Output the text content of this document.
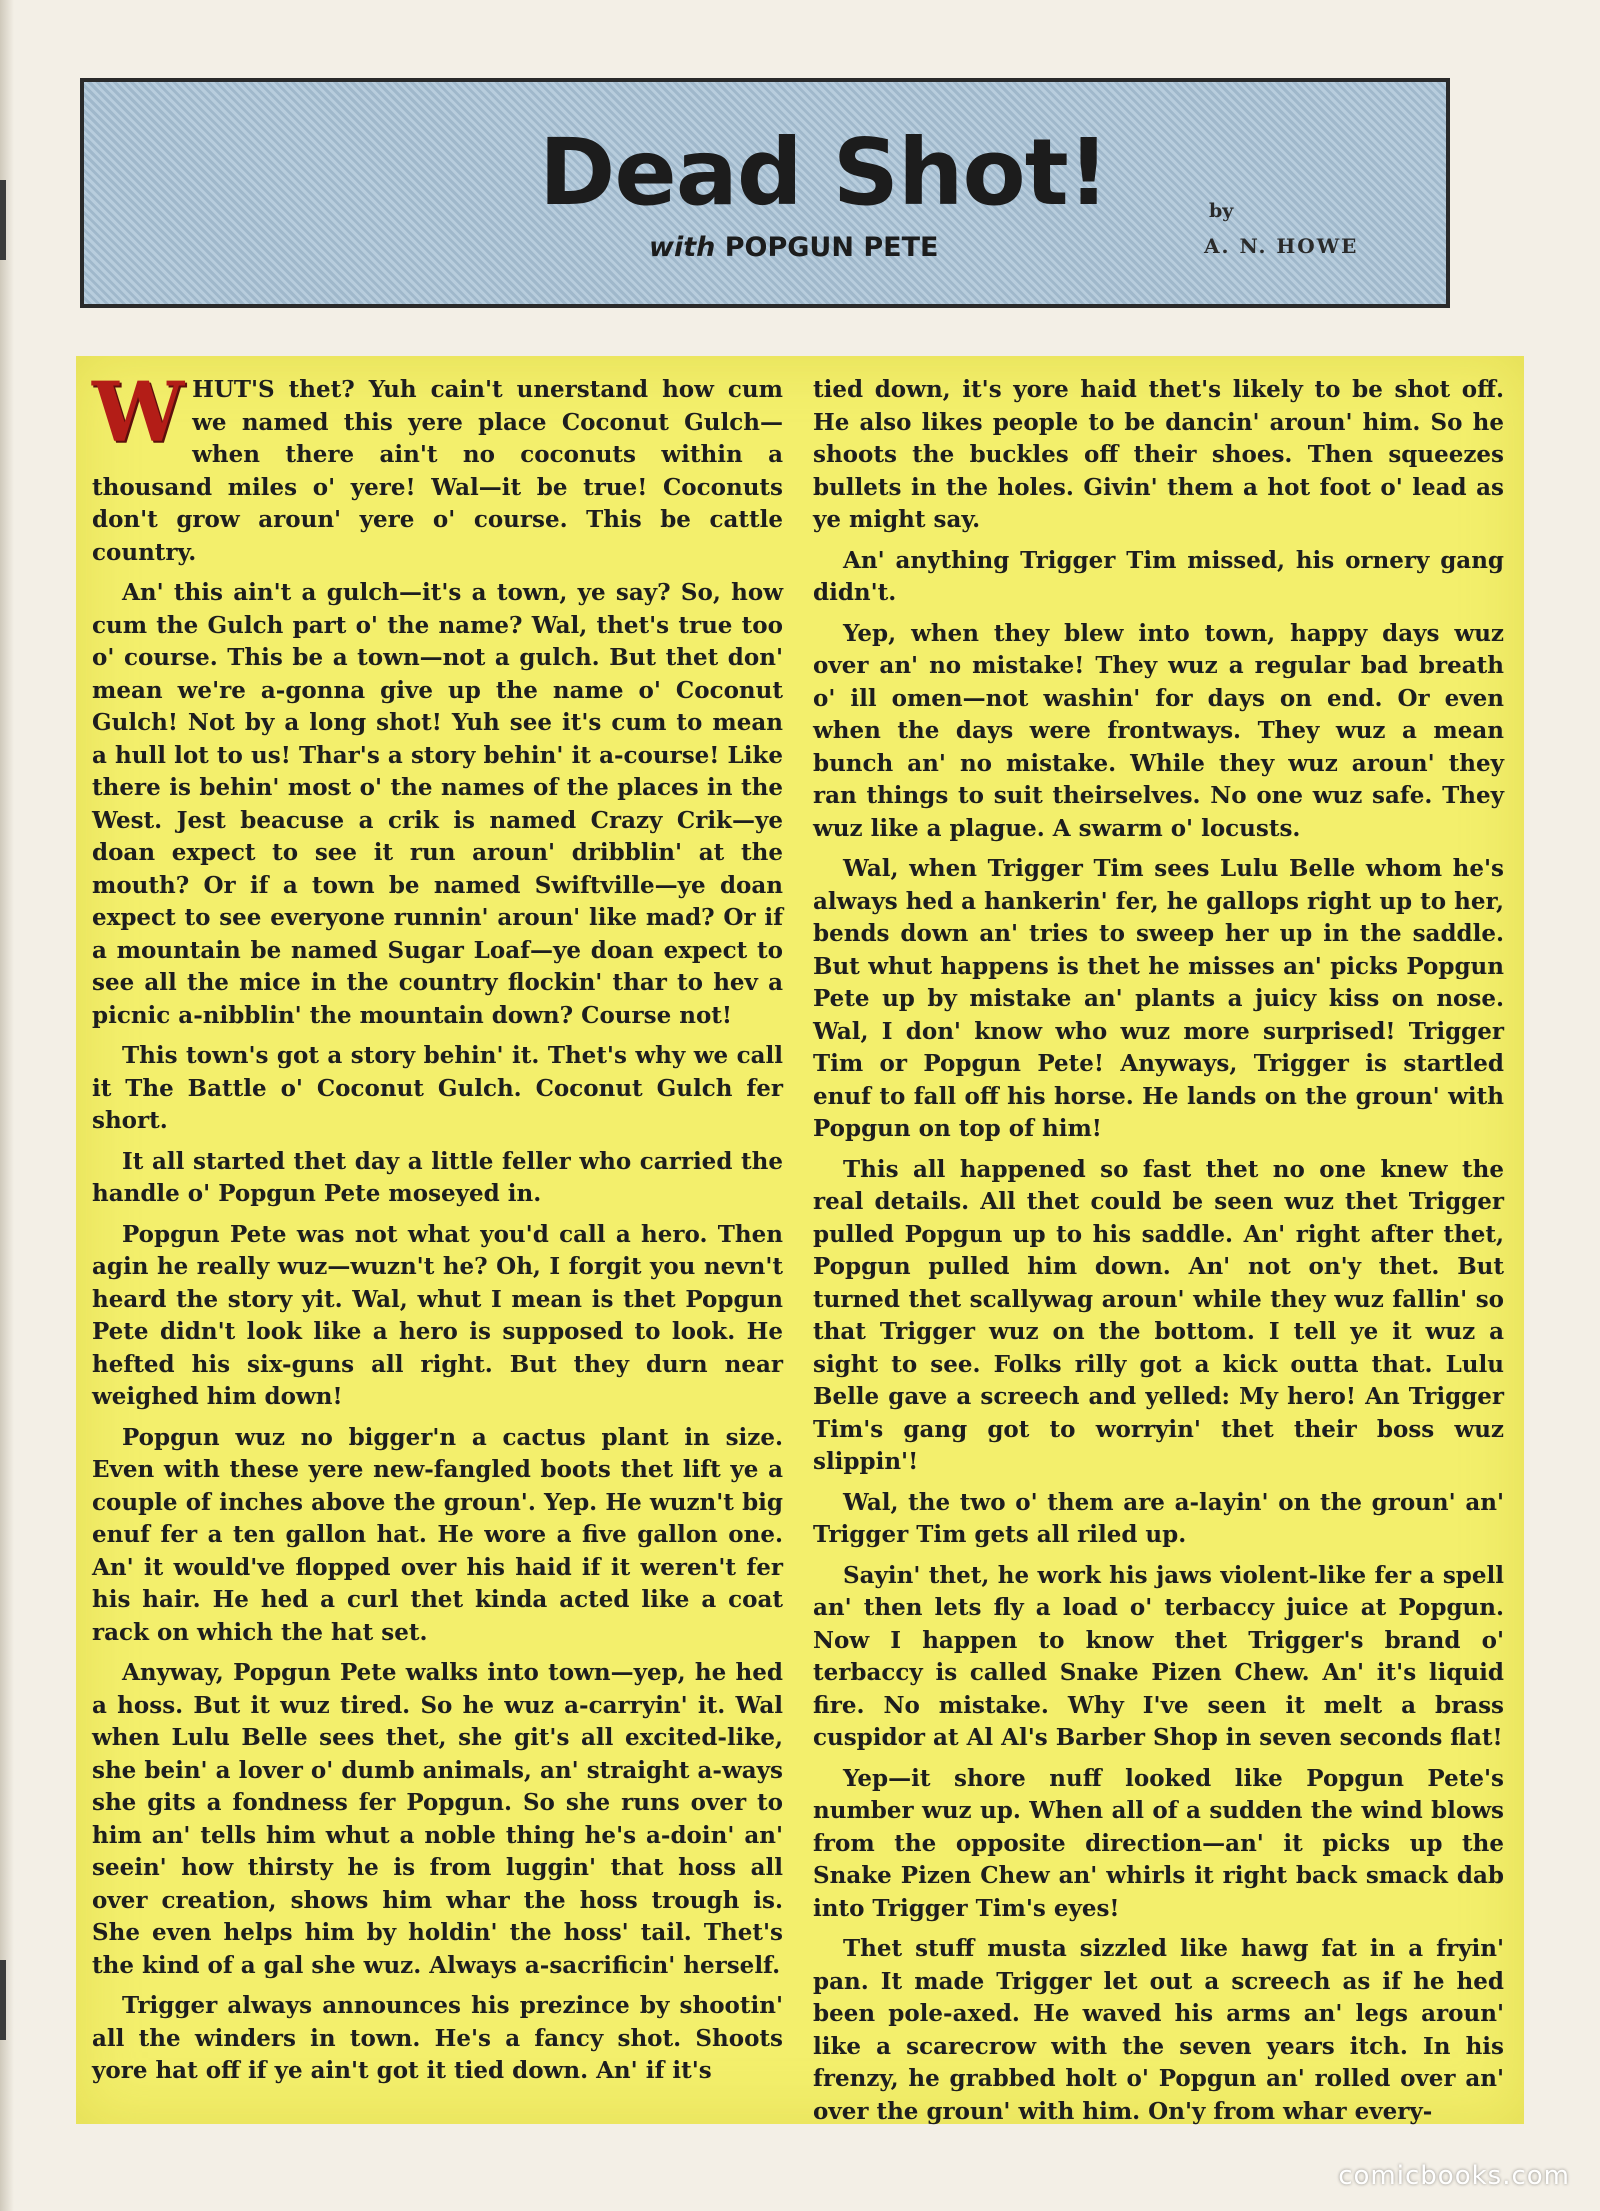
Dead Shot!
with POPGUN PETE
by
A. N. HOWE

WHUT'S thet? Yuh cain't unerstand how cum we named this yere place Coconut Gulch—when there ain't no coconuts within a thousand miles o' yere! Wal—it be true! Coconuts don't grow aroun' yere o' course. This be cattle country.

An' this ain't a gulch—it's a town, ye say? So, how cum the Gulch part o' the name? Wal, thet's true too o' course. This be a town—not a gulch. But thet don' mean we're a-gonna give up the name o' Coconut Gulch! Not by a long shot! Yuh see it's cum to mean a hull lot to us! Thar's a story behin' it a-course! Like there is behin' most o' the names of the places in the West. Jest beacuse a crik is named Crazy Crik—ye doan expect to see it run aroun' dribblin' at the mouth? Or if a town be named Swiftville—ye doan expect to see everyone runnin' aroun' like mad? Or if a mountain be named Sugar Loaf—ye doan expect to see all the mice in the country flockin' thar to hev a picnic a-nibblin' the mountain down? Course not!

This town's got a story behin' it. Thet's why we call it The Battle o' Coconut Gulch. Coconut Gulch fer short.

It all started thet day a little feller who carried the handle o' Popgun Pete moseyed in.

Popgun Pete was not what you'd call a hero. Then agin he really wuz—wuzn't he? Oh, I forgit you nevn't heard the story yit. Wal, whut I mean is thet Popgun Pete didn't look like a hero is supposed to look. He hefted his six-guns all right. But they durn near weighed him down!

Popgun wuz no bigger'n a cactus plant in size. Even with these yere new-fangled boots thet lift ye a couple of inches above the groun'. Yep. He wuzn't big enuf fer a ten gallon hat. He wore a five gallon one. An' it would've flopped over his haid if it weren't fer his hair. He hed a curl thet kinda acted like a coat rack on which the hat set.

Anyway, Popgun Pete walks into town—yep, he hed a hoss. But it wuz tired. So he wuz a-carryin' it. Wal when Lulu Belle sees thet, she git's all excited-like, she bein' a lover o' dumb animals, an' straight a-ways she gits a fondness fer Popgun. So she runs over to him an' tells him whut a noble thing he's a-doin' an' seein' how thirsty he is from luggin' that hoss all over creation, shows him whar the hoss trough is. She even helps him by holdin' the hoss' tail. Thet's the kind of a gal she wuz. Always a-sacrificin' herself.

Trigger always announces his prezince by shootin' all the winders in town. He's a fancy shot. Shoots yore hat off if ye ain't got it tied down. An' if it's

tied down, it's yore haid thet's likely to be shot off. He also likes people to be dancin' aroun' him. So he shoots the buckles off their shoes. Then squeezes bullets in the holes. Givin' them a hot foot o' lead as ye might say.

An' anything Trigger Tim missed, his ornery gang didn't.

Yep, when they blew into town, happy days wuz over an' no mistake! They wuz a regular bad breath o' ill omen—not washin' for days on end. Or even when the days were frontways. They wuz a mean bunch an' no mistake. While they wuz aroun' they ran things to suit theirselves. No one wuz safe. They wuz like a plague. A swarm o' locusts.

Wal, when Trigger Tim sees Lulu Belle whom he's always hed a hankerin' fer, he gallops right up to her, bends down an' tries to sweep her up in the saddle. But whut happens is thet he misses an' picks Popgun Pete up by mistake an' plants a juicy kiss on nose. Wal, I don' know who wuz more surprised! Trigger Tim or Popgun Pete! Anyways, Trigger is startled enuf to fall off his horse. He lands on the groun' with Popgun on top of him!

This all happened so fast thet no one knew the real details. All thet could be seen wuz thet Trigger pulled Popgun up to his saddle. An' right after thet, Popgun pulled him down. An' not on'y thet. But turned thet scallywag aroun' while they wuz fallin' so that Trigger wuz on the bottom. I tell ye it wuz a sight to see. Folks rilly got a kick outta that. Lulu Belle gave a screech and yelled: My hero! An Trigger Tim's gang got to worryin' thet their boss wuz slippin'!

Wal, the two o' them are a-layin' on the groun' an' Trigger Tim gets all riled up.

Sayin' thet, he work his jaws violent-like fer a spell an' then lets fly a load o' terbaccy juice at Popgun. Now I happen to know thet Trigger's brand o' terbaccy is called Snake Pizen Chew. An' it's liquid fire. No mistake. Why I've seen it melt a brass cuspidor at Al Al's Barber Shop in seven seconds flat!

Yep—it shore nuff looked like Popgun Pete's number wuz up. When all of a sudden the wind blows from the opposite direction—an' it picks up the Snake Pizen Chew an' whirls it right back smack dab into Trigger Tim's eyes!

Thet stuff musta sizzled like hawg fat in a fryin' pan. It made Trigger let out a screech as if he hed been pole-axed. He waved his arms an' legs aroun' like a scarecrow with the seven years itch. In his frenzy, he grabbed holt o' Popgun an' rolled over an' over the groun' with him. On'y from whar every-

comicbooks.com
